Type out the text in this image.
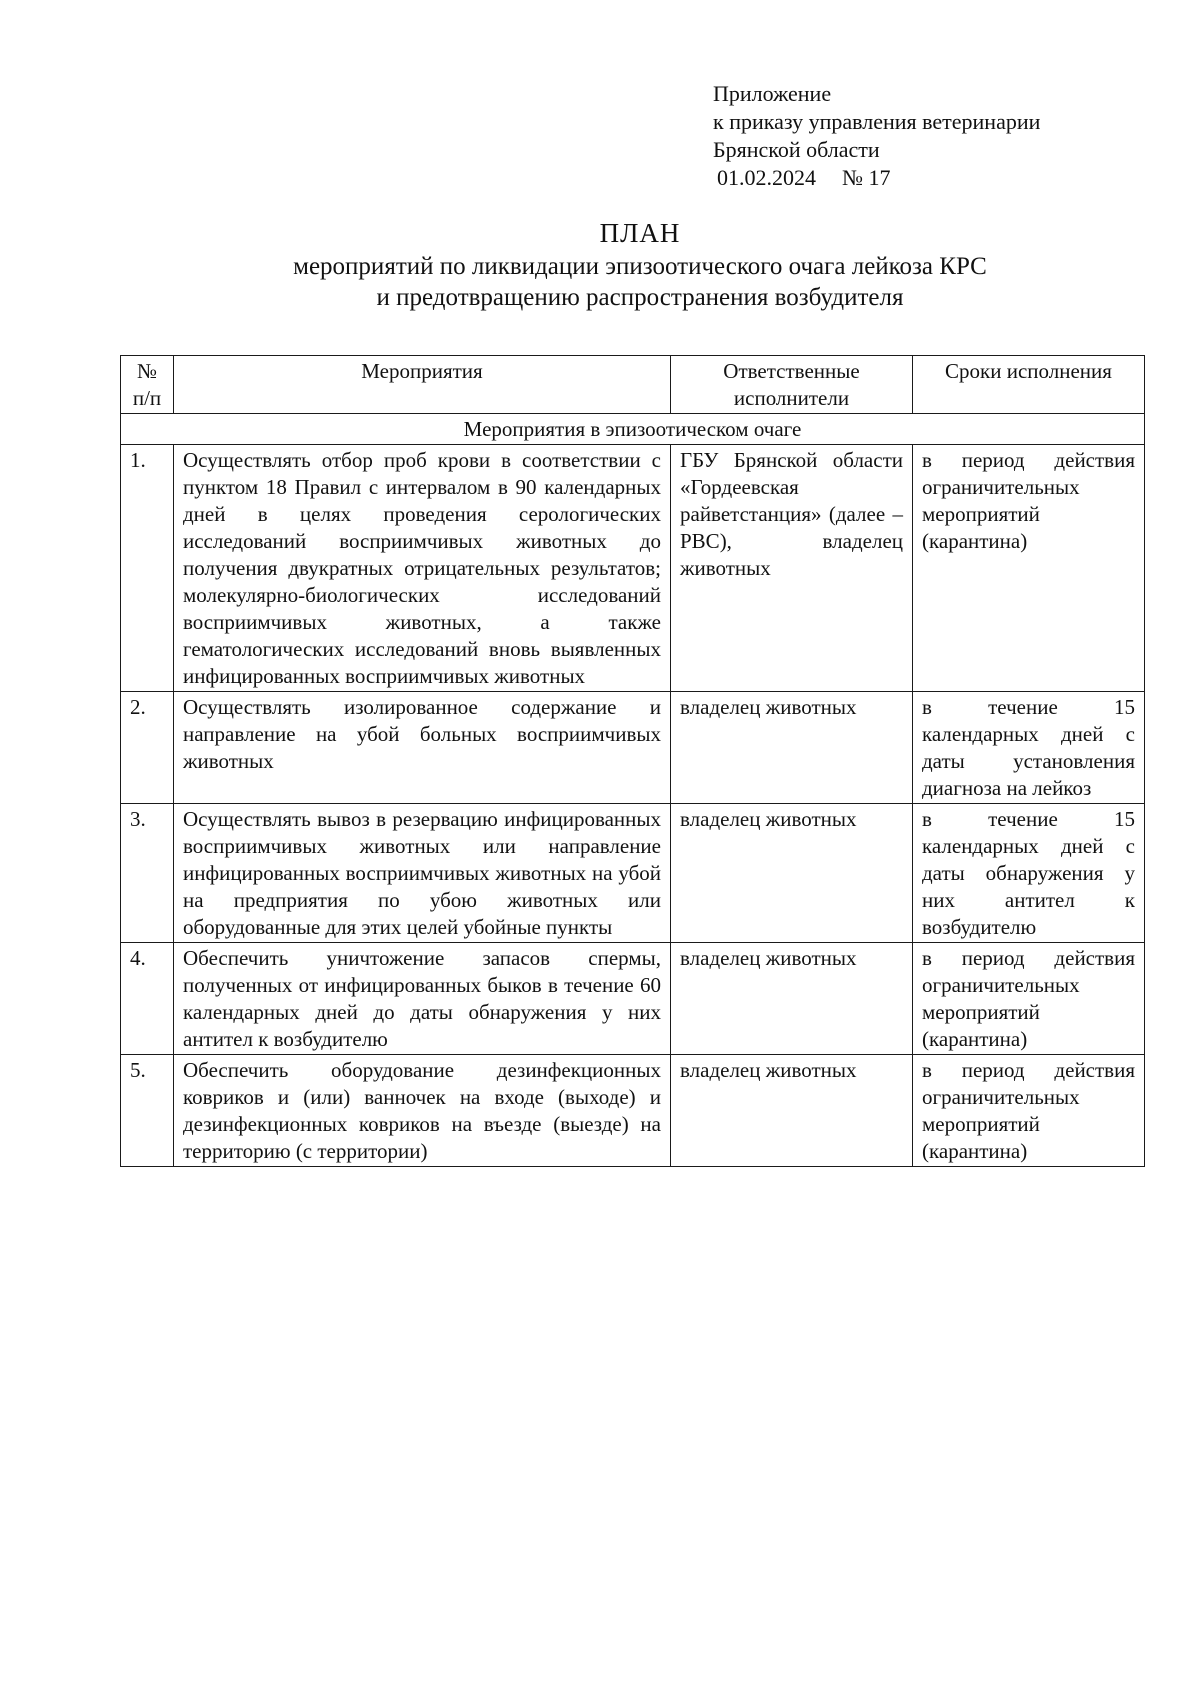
Приложение
к приказу управления ветеринарии
Брянской области
01.02.2024 № 17
ПЛАН
мероприятий по ликвидации эпизоотического очага лейкоза КРС
и предотвращению распространения возбудителя
№ п/п	Мероприятия	Ответственные исполнители	Сроки исполнения
Мероприятия в эпизоотическом очаге			
1.	Осуществлять отбор проб крови в соответствии с пунктом 18 Правил с интервалом в 90 календарных дней в целях проведения серологических исследований восприимчивых животных до получения двукратных отрицательных результатов; молекулярно-биологических исследований восприимчивых животных, а также гематологических исследований вновь выявленных инфицированных восприимчивых животных	ГБУ Брянской области «Гордеевская райветстанция» (далее – РВС), владелец животных	в период действия ограничительных мероприятий (карантина)
2.	Осуществлять изолированное содержание и направление на убой больных восприимчивых животных	владелец животных	в течение 15 календарных дней с даты установления диагноза на лейкоз
3.	Осуществлять вывоз в резервацию инфицированных восприимчивых животных или направление инфицированных восприимчивых животных на убой на предприятия по убою животных или оборудованные для этих целей убойные пункты	владелец животных	в течение 15 календарных дней с даты обнаружения у них антител к возбудителю
4.	Обеспечить уничтожение запасов спермы, полученных от инфицированных быков в течение 60 календарных дней до даты обнаружения у них антител к возбудителю	владелец животных	в период действия ограничительных мероприятий (карантина)
5.	Обеспечить оборудование дезинфекционных ковриков и (или) ванночек на входе (выходе) и дезинфекционных ковриков на въезде (выезде) на территорию (с территории)	владелец животных	в период действия ограничительных мероприятий (карантина)
